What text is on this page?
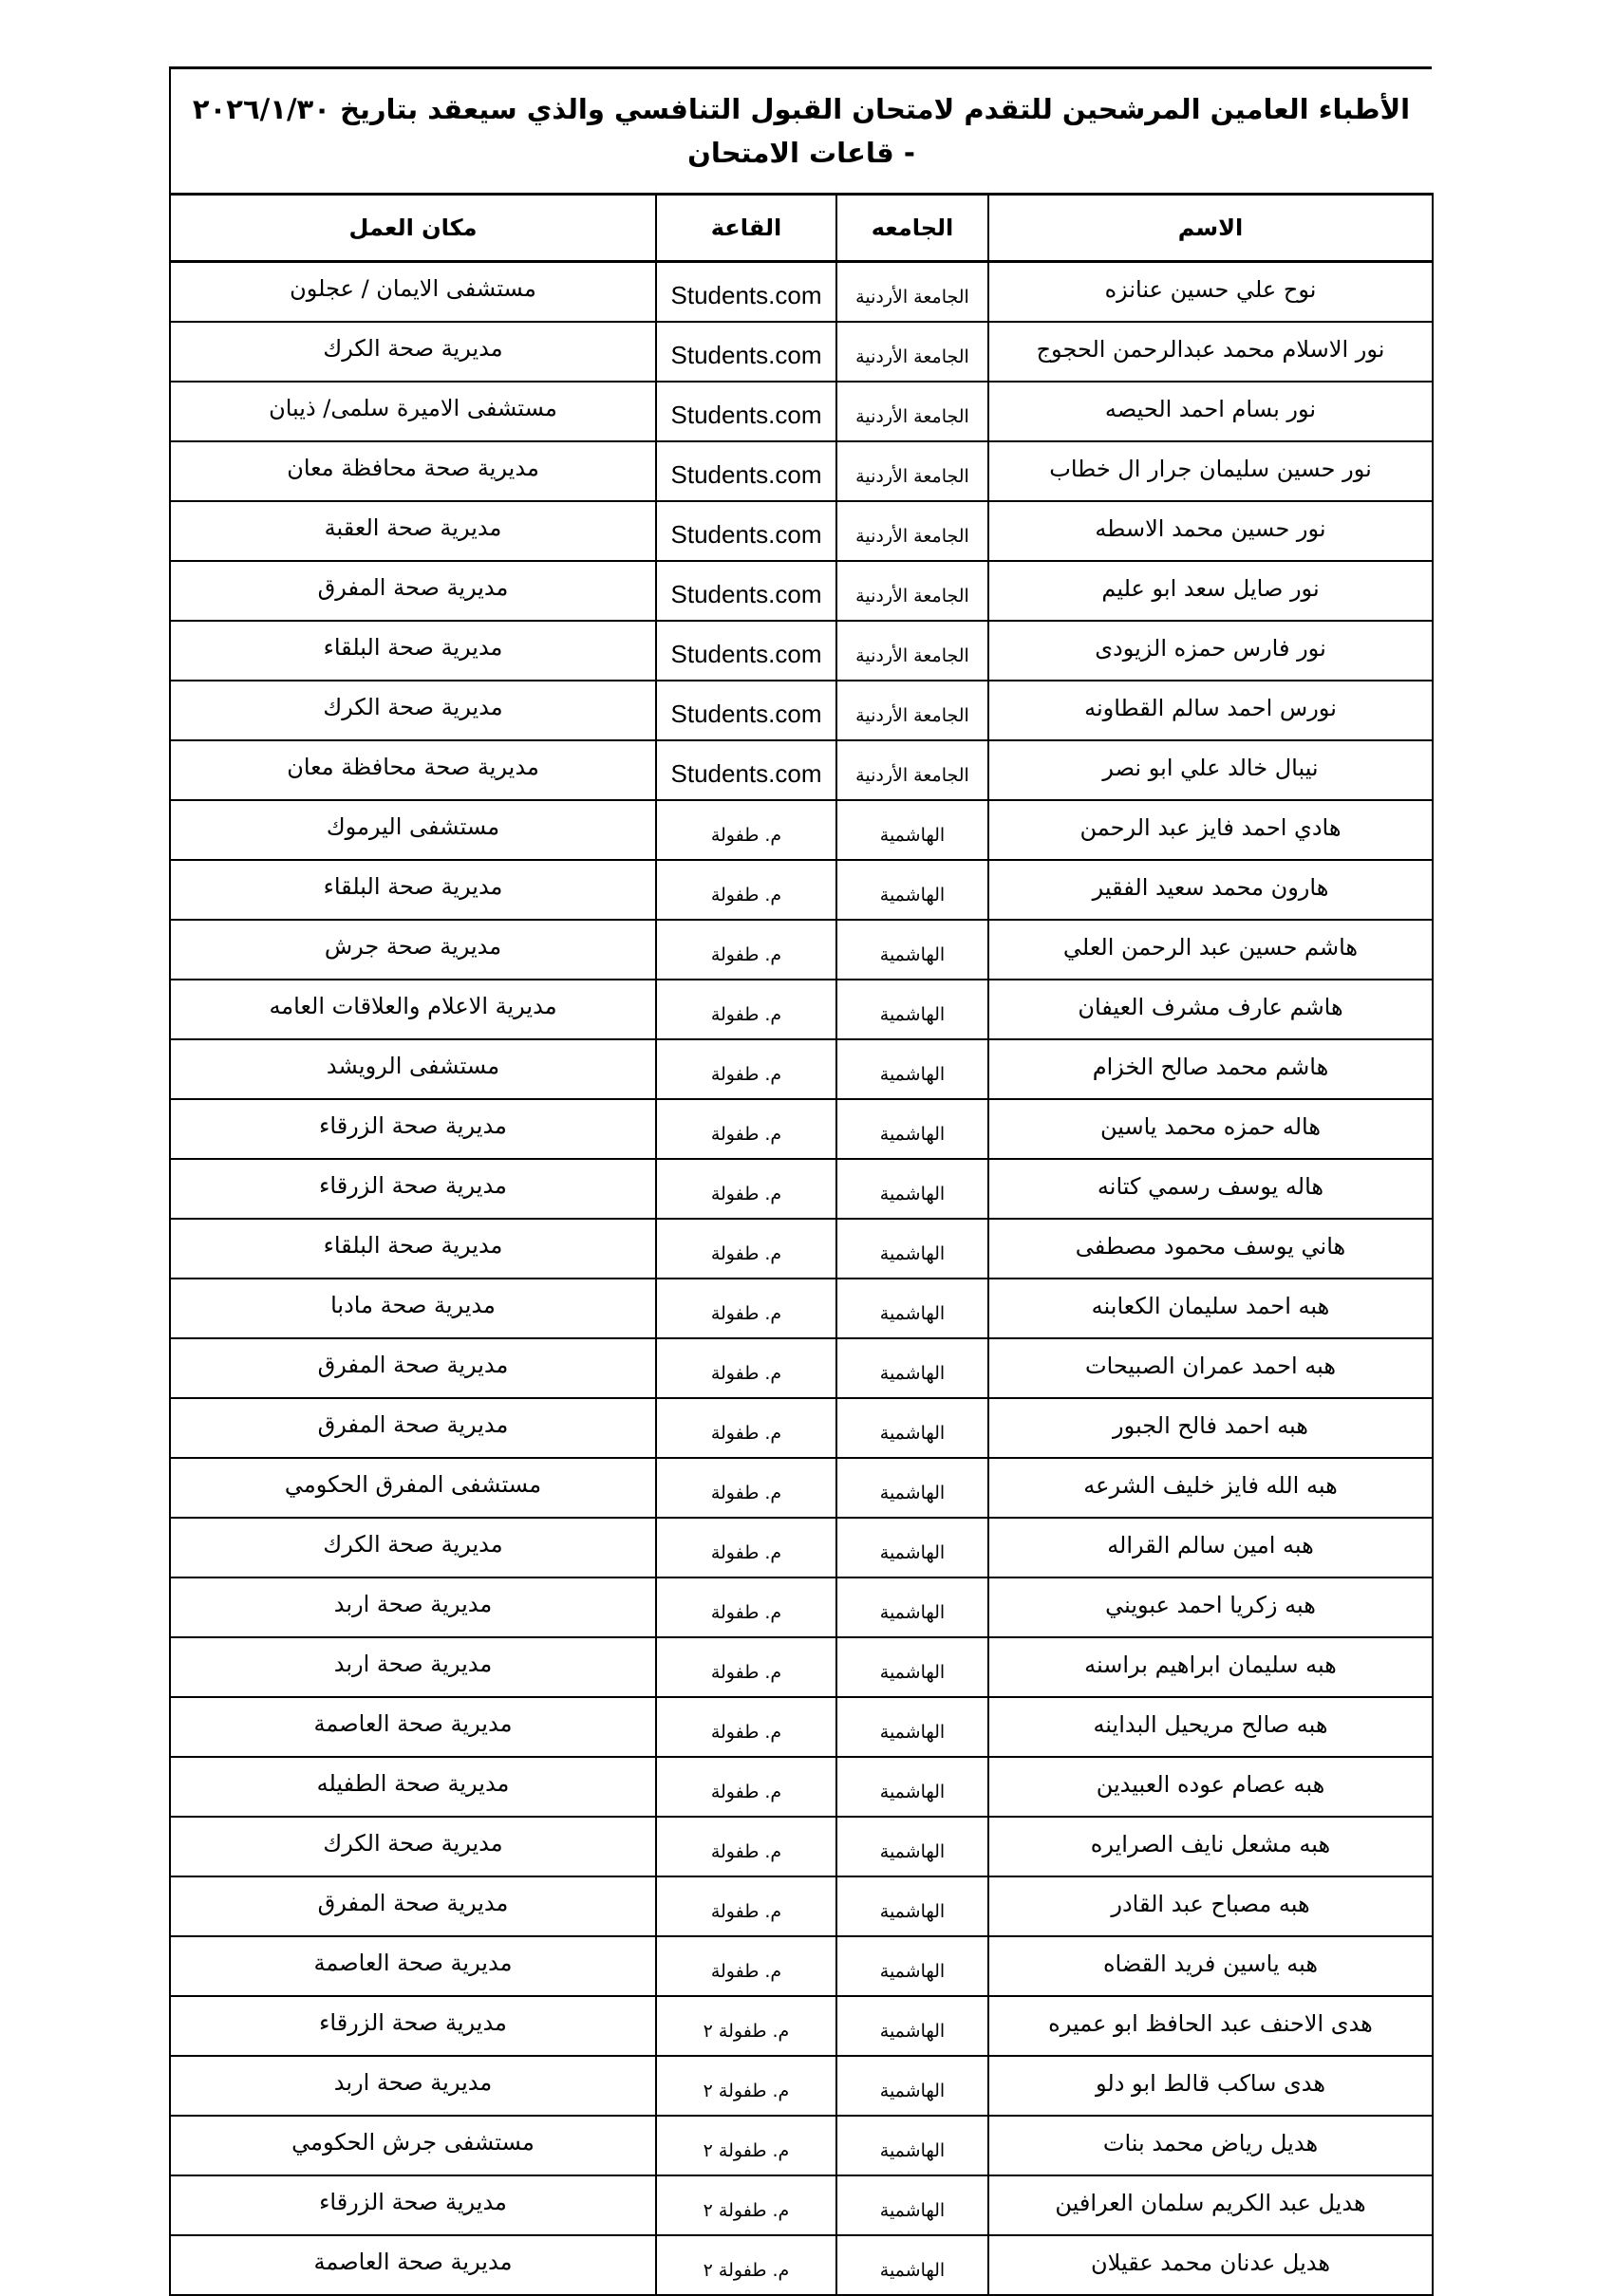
الأطباء العامين المرشحين للتقدم لامتحان القبول التنافسي والذي سيعقد بتاريخ ٢٠٢٦/١/٣٠ - قاعات الامتحان
الاسم	الجامعه	القاعة	مكان العمل
نوح علي حسين عنانزه	الجامعة الأردنية	Students.com	مستشفى الايمان / عجلون
نور الاسلام محمد عبدالرحمن الحجوج	الجامعة الأردنية	Students.com	مديرية صحة الكرك
نور بسام احمد الحيصه	الجامعة الأردنية	Students.com	مستشفى الاميرة سلمى/ ذيبان
نور حسين سليمان جرار ال خطاب	الجامعة الأردنية	Students.com	مديرية صحة محافظة معان
نور حسين محمد الاسطه	الجامعة الأردنية	Students.com	مديرية صحة العقبة
نور صايل سعد ابو عليم	الجامعة الأردنية	Students.com	مديرية صحة المفرق
نور فارس حمزه الزيودى	الجامعة الأردنية	Students.com	مديرية صحة البلقاء
نورس احمد سالم القطاونه	الجامعة الأردنية	Students.com	مديرية صحة الكرك
نيبال خالد علي ابو نصر	الجامعة الأردنية	Students.com	مديرية صحة محافظة معان
هادي احمد فايز عبد الرحمن	الهاشمية	م. طفولة	مستشفى اليرموك
هارون محمد سعيد الفقير	الهاشمية	م. طفولة	مديرية صحة البلقاء
هاشم حسين عبد الرحمن العلي	الهاشمية	م. طفولة	مديرية صحة جرش
هاشم عارف مشرف العيفان	الهاشمية	م. طفولة	مديرية الاعلام والعلاقات العامه
هاشم محمد صالح الخزام	الهاشمية	م. طفولة	مستشفى الرويشد
هاله حمزه محمد ياسين	الهاشمية	م. طفولة	مديرية صحة الزرقاء
هاله يوسف رسمي كتانه	الهاشمية	م. طفولة	مديرية صحة الزرقاء
هاني يوسف محمود مصطفى	الهاشمية	م. طفولة	مديرية صحة البلقاء
هبه احمد سليمان الكعابنه	الهاشمية	م. طفولة	مديرية صحة مادبا
هبه احمد عمران الصبيحات	الهاشمية	م. طفولة	مديرية صحة المفرق
هبه احمد فالح الجبور	الهاشمية	م. طفولة	مديرية صحة المفرق
هبه الله فايز خليف الشرعه	الهاشمية	م. طفولة	مستشفى المفرق الحكومي
هبه امين سالم القراله	الهاشمية	م. طفولة	مديرية صحة الكرك
هبه زكريا احمد عبويني	الهاشمية	م. طفولة	مديرية صحة اربد
هبه سليمان ابراهيم براسنه	الهاشمية	م. طفولة	مديرية صحة اربد
هبه صالح مريحيل البداينه	الهاشمية	م. طفولة	مديرية صحة العاصمة
هبه عصام عوده العبيدين	الهاشمية	م. طفولة	مديرية صحة الطفيله
هبه مشعل نايف الصرايره	الهاشمية	م. طفولة	مديرية صحة الكرك
هبه مصباح عبد القادر	الهاشمية	م. طفولة	مديرية صحة المفرق
هبه ياسين فريد القضاه	الهاشمية	م. طفولة	مديرية صحة العاصمة
هدى الاحنف عبد الحافظ ابو عميره	الهاشمية	م. طفولة ٢	مديرية صحة الزرقاء
هدى ساكب قالط ابو دلو	الهاشمية	م. طفولة ٢	مديرية صحة اربد
هديل رياض محمد بنات	الهاشمية	م. طفولة ٢	مستشفى جرش الحكومي
هديل عبد الكريم سلمان العرافين	الهاشمية	م. طفولة ٢	مديرية صحة الزرقاء
هديل عدنان محمد عقيلان	الهاشمية	م. طفولة ٢	مديرية صحة العاصمة
